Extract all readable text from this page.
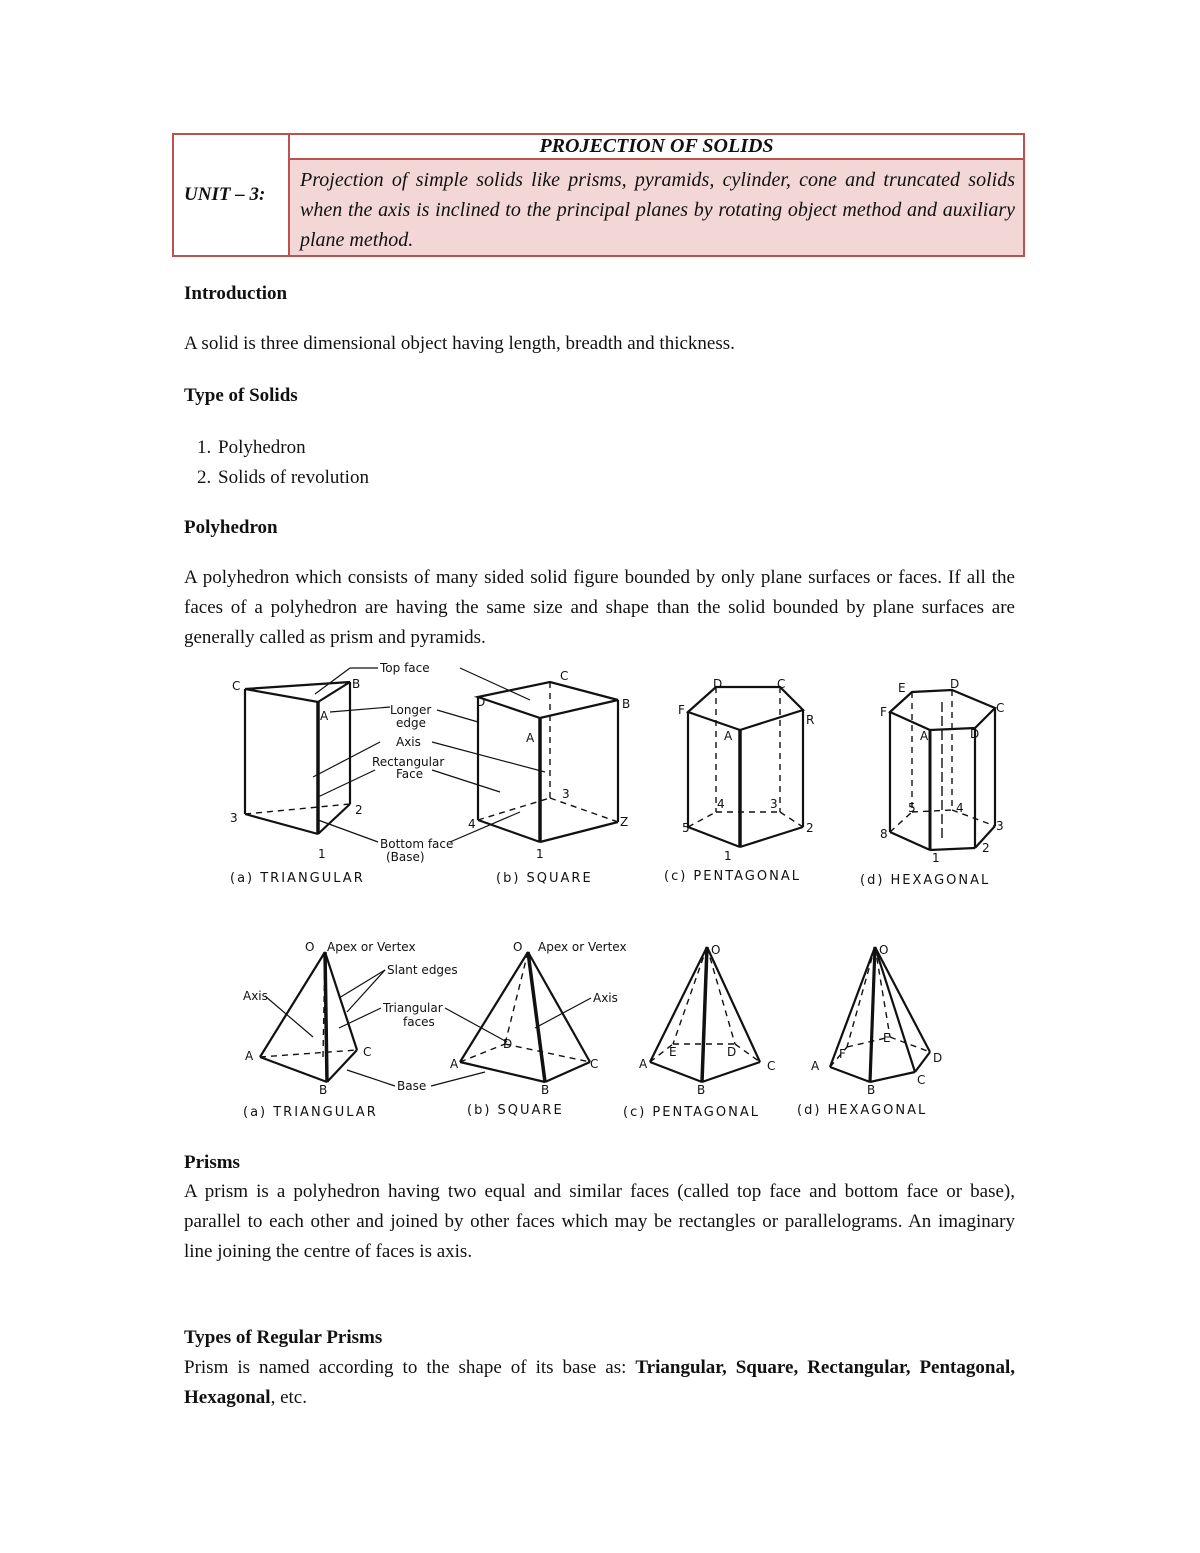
UNIT – 3:
PROJECTION OF SOLIDS
Projection of simple solids like prisms, pyramids, cylinder, cone and truncated solids when the axis is inclined to the principal planes by rotating object method and auxiliary plane method.
Introduction
A solid is three dimensional object having length, breadth and thickness.
Type of Solids
1. Polyhedron
2. Solids of revolution
Polyhedron
A polyhedron which consists of many sided solid figure bounded by only plane surfaces or faces. If all the faces of a polyhedron are having the same size and shape than the solid bounded by plane surfaces are generally called as prism and pyramids.
C	B
A
3
2
1
D
C
B
A
3
4	Z
1
D	C
F
R
A
4	3
5	2
1
E	D
F	C
A	D
5	4
8
3
2
1
Top face
Longer
edge
Axis
Rectangular
Face
Bottom face
(Base)
(a) TRIANGULAR	(b) SQUARE	(c) PENTAGONAL	(d) HEXAGONAL
O
A	C
B
O
A
D
C
B
O
A
E	D
C
B
O
A
F
E
D
C
B
Apex or Vertex	Apex or Vertex
Slant edges
Axis	Axis
Triangular
faces
Base
(a) TRIANGULAR	(b) SQUARE	(c) PENTAGONAL	(d) HEXAGONAL
Prisms
A prism is a polyhedron having two equal and similar faces (called top face and bottom face or base), parallel to each other and joined by other faces which may be rectangles or parallelograms. An imaginary line joining the centre of faces is axis.
Types of Regular Prisms
Prism is named according to the shape of its base as: Triangular, Square, Rectangular, Pentagonal, Hexagonal, etc.
